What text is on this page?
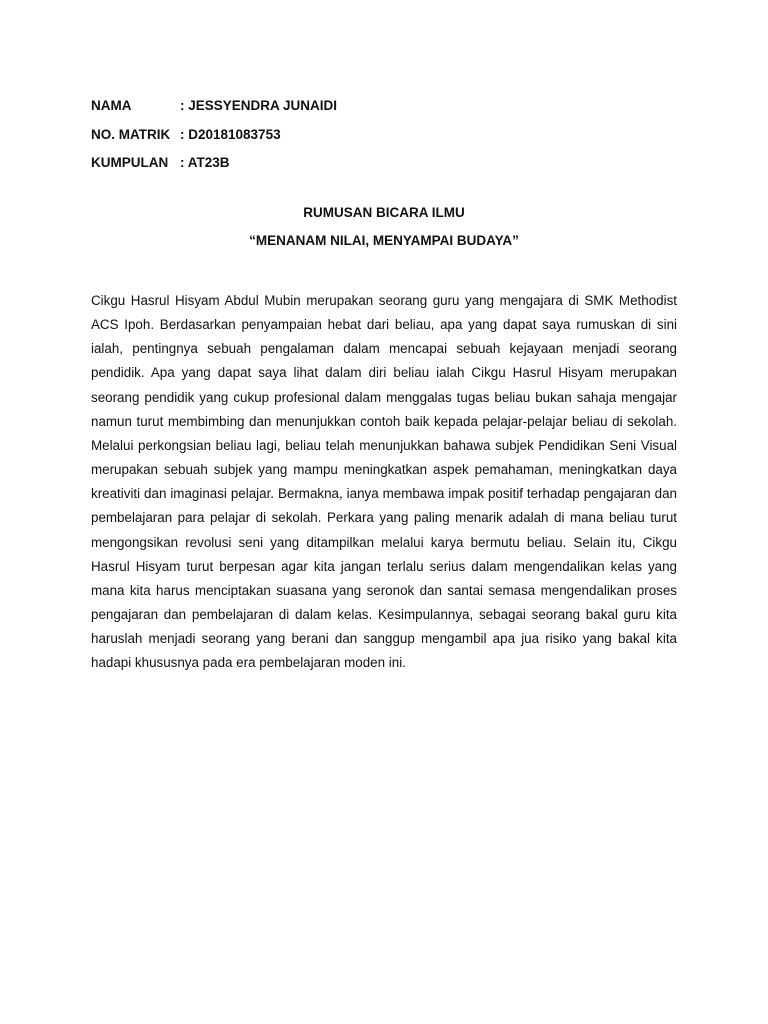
NAMA	: JESSYENDRA JUNAIDI
NO. MATRIK : D20181083753
KUMPULAN : AT23B
RUMUSAN BICARA ILMU
“MENANAM NILAI, MENYAMPAI BUDAYA”

Cikgu Hasrul Hisyam Abdul Mubin merupakan seorang guru yang mengajara di SMK Methodist ACS Ipoh. Berdasarkan penyampaian hebat dari beliau, apa yang dapat saya rumuskan di sini ialah, pentingnya sebuah pengalaman dalam mencapai sebuah kejayaan menjadi seorang pendidik. Apa yang dapat saya lihat dalam diri beliau ialah Cikgu Hasrul Hisyam merupakan seorang pendidik yang cukup profesional dalam menggalas tugas beliau bukan sahaja mengajar namun turut membimbing dan menunjukkan contoh baik kepada pelajar-pelajar beliau di sekolah. Melalui perkongsian beliau lagi, beliau telah menunjukkan bahawa subjek Pendidikan Seni Visual merupakan sebuah subjek yang mampu meningkatkan aspek pemahaman, meningkatkan daya kreativiti dan imaginasi pelajar. Bermakna, ianya membawa impak positif terhadap pengajaran dan pembelajaran para pelajar di sekolah. Perkara yang paling menarik adalah di mana beliau turut mengongsikan revolusi seni yang ditampilkan melalui karya bermutu beliau. Selain itu, Cikgu Hasrul Hisyam turut berpesan agar kita jangan terlalu serius dalam mengendalikan kelas yang mana kita harus menciptakan suasana yang seronok dan santai semasa mengendalikan proses pengajaran dan pembelajaran di dalam kelas. Kesimpulannya, sebagai seorang bakal guru kita haruslah menjadi seorang yang berani dan sanggup mengambil apa jua risiko yang bakal kita hadapi khususnya pada era pembelajaran moden ini.
